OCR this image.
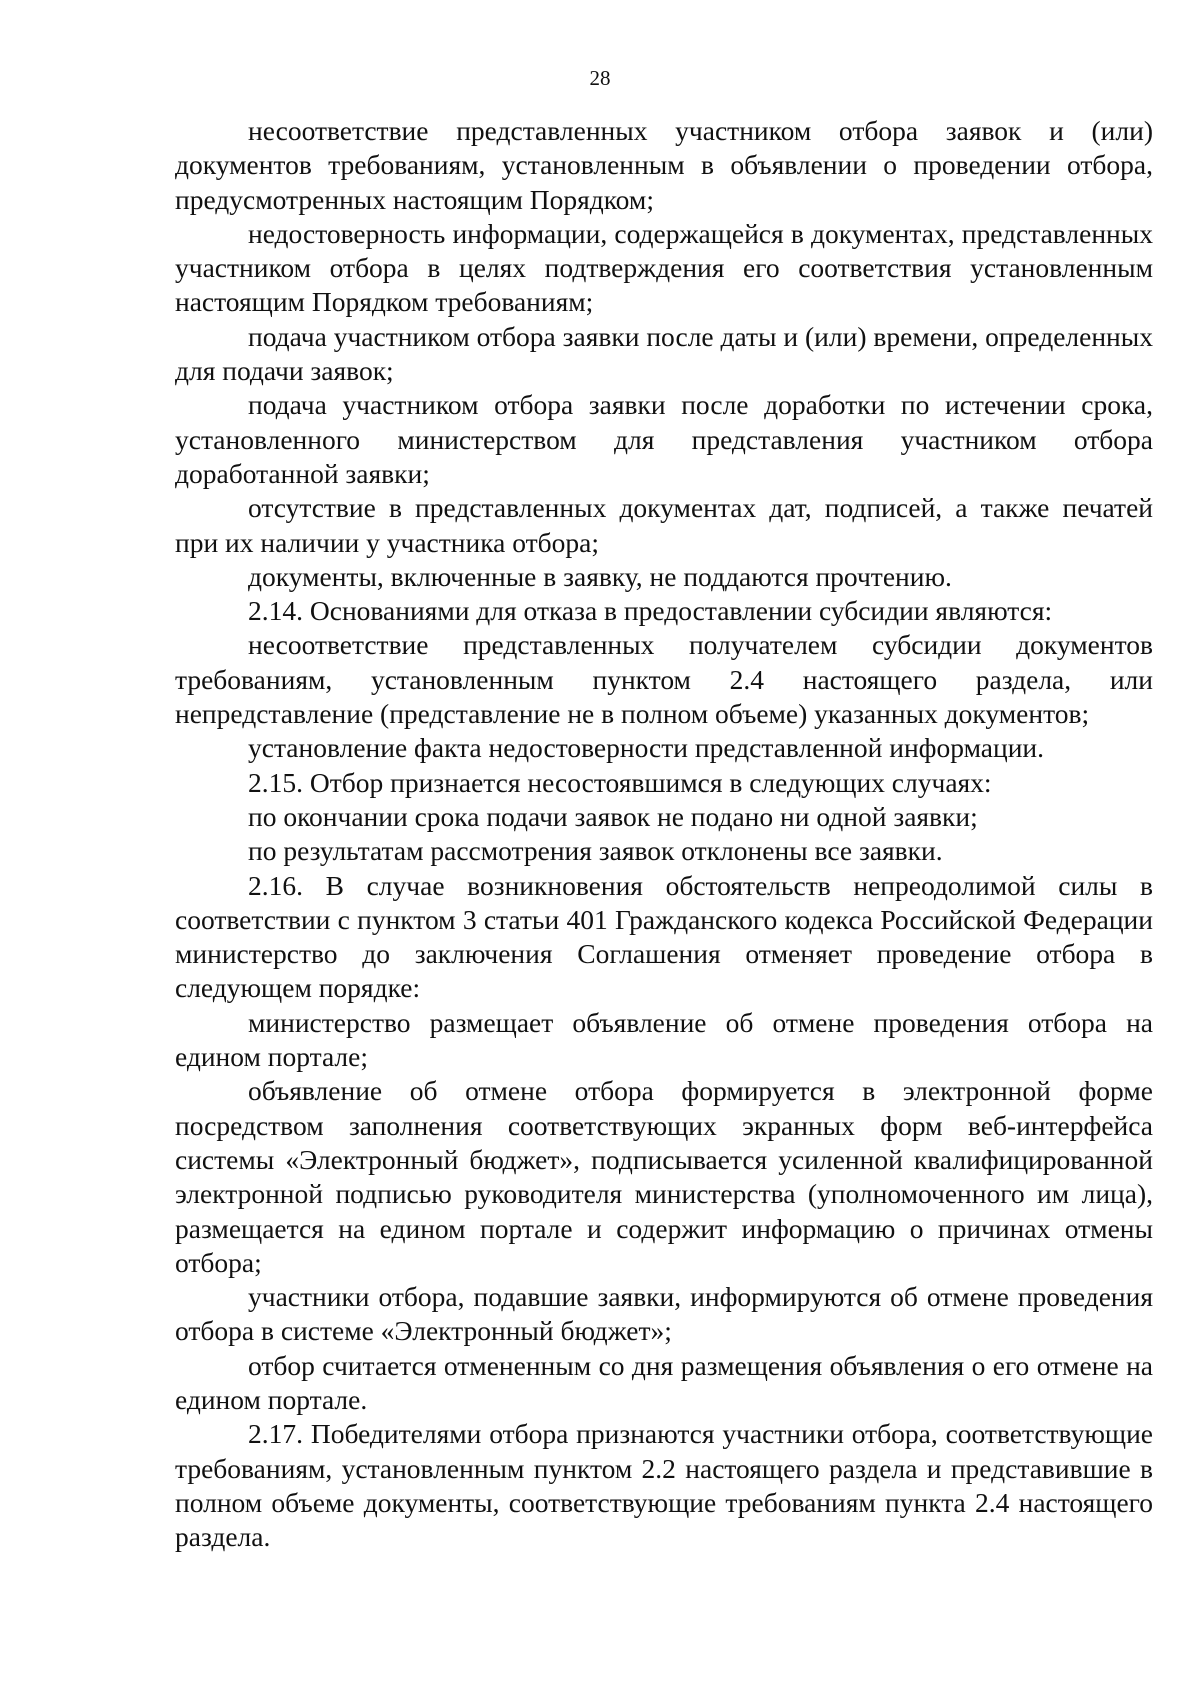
28

несоответствие представленных участником отбора заявок и (или) документов требованиям, установленным в объявлении о проведении отбора, предусмотренных настоящим Порядком;

недостоверность информации, содержащейся в документах, представленных участником отбора в целях подтверждения его соответствия установленным настоящим Порядком требованиям;

подача участником отбора заявки после даты и (или) времени, определенных для подачи заявок;

подача участником отбора заявки после доработки по истечении срока, установленного министерством для представления участником отбора доработанной заявки;

отсутствие в представленных документах дат, подписей, а также печатей при их наличии у участника отбора;

документы, включенные в заявку, не поддаются прочтению.

2.14. Основаниями для отказа в предоставлении субсидии являются:

несоответствие представленных получателем субсидии документов требованиям, установленным пунктом 2.4 настоящего раздела, или непредставление (представление не в полном объеме) указанных документов;

установление факта недостоверности представленной информации.

2.15. Отбор признается несостоявшимся в следующих случаях:

по окончании срока подачи заявок не подано ни одной заявки;

по результатам рассмотрения заявок отклонены все заявки.

2.16. В случае возникновения обстоятельств непреодолимой силы в соответствии с пунктом 3 статьи 401 Гражданского кодекса Российской Федерации министерство до заключения Соглашения отменяет проведение отбора в следующем порядке:

министерство размещает объявление об отмене проведения отбора на едином портале;

объявление об отмене отбора формируется в электронной форме посредством заполнения соответствующих экранных форм веб-интерфейса системы «Электронный бюджет», подписывается усиленной квалифицированной электронной подписью руководителя министерства (уполномоченного им лица), размещается на едином портале и содержит информацию о причинах отмены отбора;

участники отбора, подавшие заявки, информируются об отмене проведения отбора в системе «Электронный бюджет»;

отбор считается отмененным со дня размещения объявления о его отмене на едином портале.

2.17. Победителями отбора признаются участники отбора, соответствующие требованиям, установленным пунктом 2.2 настоящего раздела и представившие в полном объеме документы, соответствующие требованиям пункта 2.4 настоящего раздела.
